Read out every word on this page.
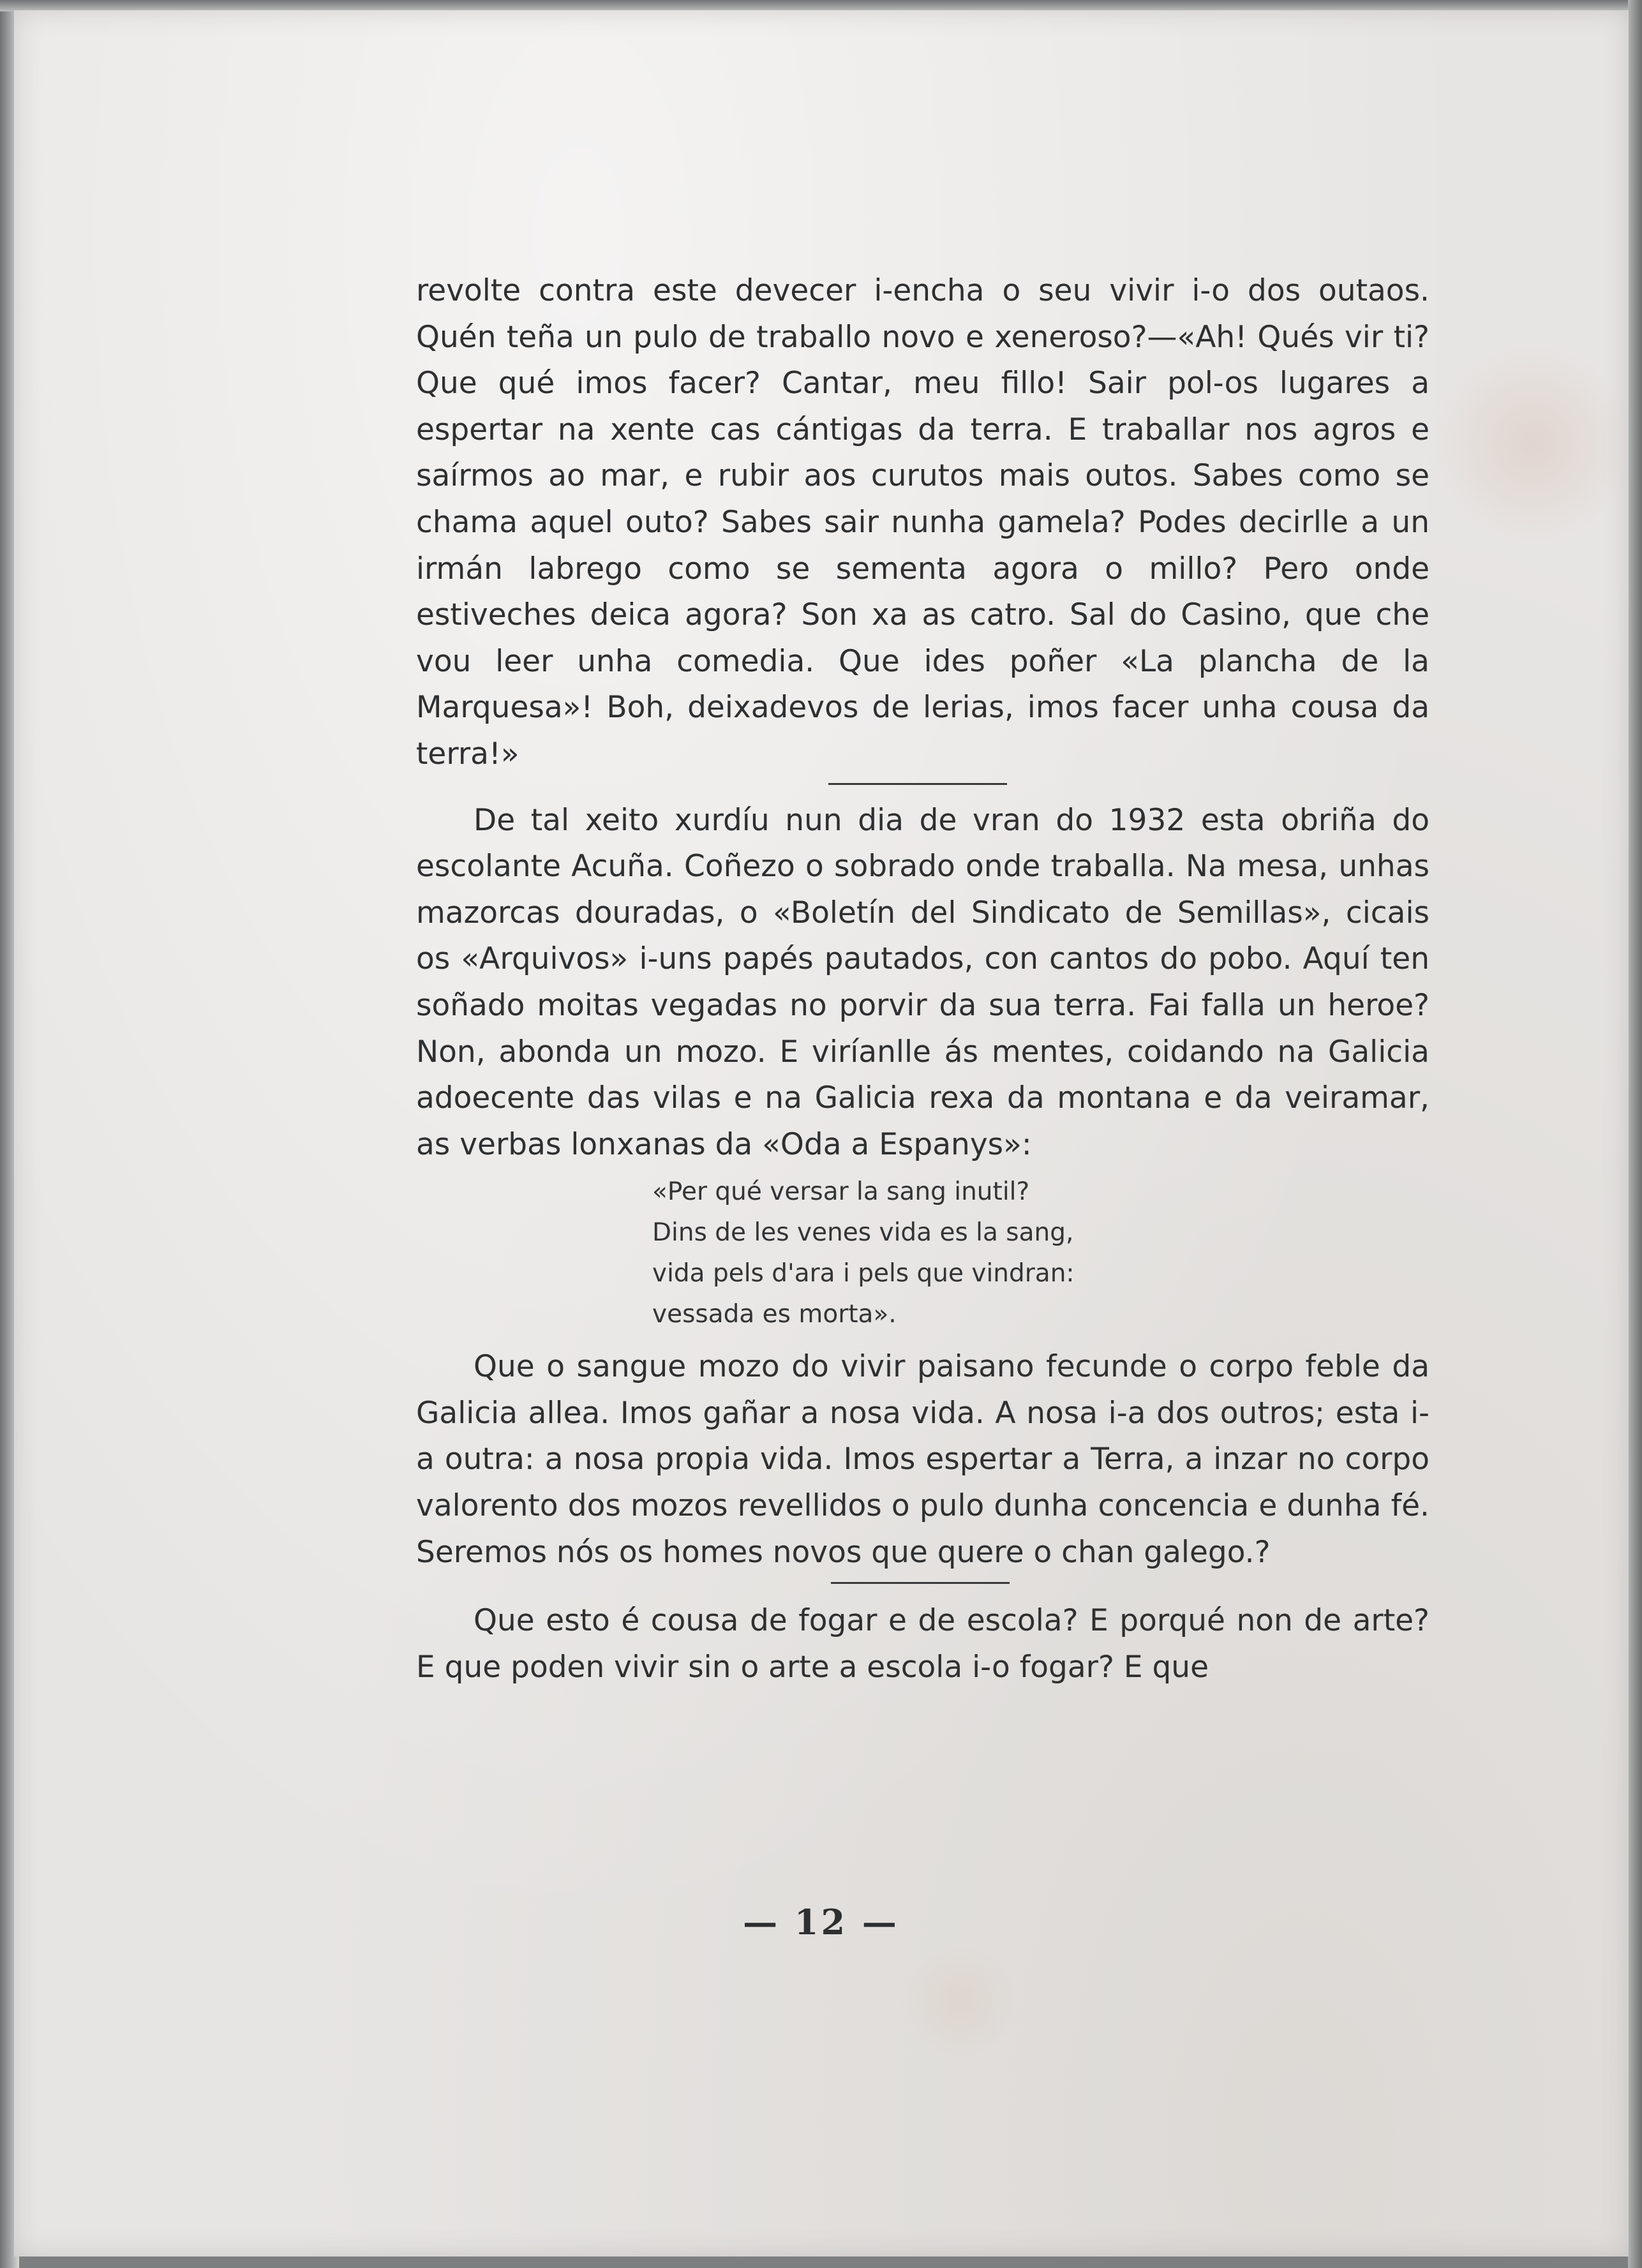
revolte contra este devecer i-encha o seu vivir i-o dos outaos. Quén teña un pulo de traballo novo e xeneroso?—«Ah! Qués vir ti? Que qué imos facer? Cantar, meu fillo! Sair pol-os lugares a espertar na xente cas cántigas da terra. E traballar nos agros e saírmos ao mar, e rubir aos curutos mais outos. Sabes como se chama aquel outo? Sabes sair nunha gamela? Podes decirlle a un irmán labrego como se sementa agora o millo? Pero onde estiveches deica agora? Son xa as catro. Sal do Casino, que che vou leer unha comedia. Que ides poñer «La plancha de la Marquesa»! Boh, deixadevos de lerias, imos facer unha cousa da terra!»

De tal xeito xurdíu nun dia de vran do 1932 esta obriña do escolante Acuña. Coñezo o sobrado onde traballa. Na mesa, unhas mazorcas douradas, o «Boletín del Sindicato de Semillas», cicais os «Arquivos» i-uns papés pautados, con cantos do pobo. Aquí ten soñado moitas vegadas no porvir da sua terra. Fai falla un heroe? Non, abonda un mozo. E viríanlle ás mentes, coidando na Galicia adoecente das vilas e na Galicia rexa da montana e da veiramar, as verbas lonxanas da «Oda a Espanys»:

«Per qué versar la sang inutil?
Dins de les venes vida es la sang,
vida pels d'ara i pels que vindran:
vessada es morta».

Que o sangue mozo do vivir paisano fecunde o corpo feble da Galicia allea. Imos gañar a nosa vida. A nosa i-a dos outros; esta i-a outra: a nosa propia vida. Imos espertar a Terra, a inzar no corpo valorento dos mozos revellidos o pulo dunha concencia e dunha fé. Seremos nós os homes novos que quere o chan galego.?

Que esto é cousa de fogar e de escola? E porqué non de arte? E que poden vivir sin o arte a escola i-o fogar? E que

— 12 —
